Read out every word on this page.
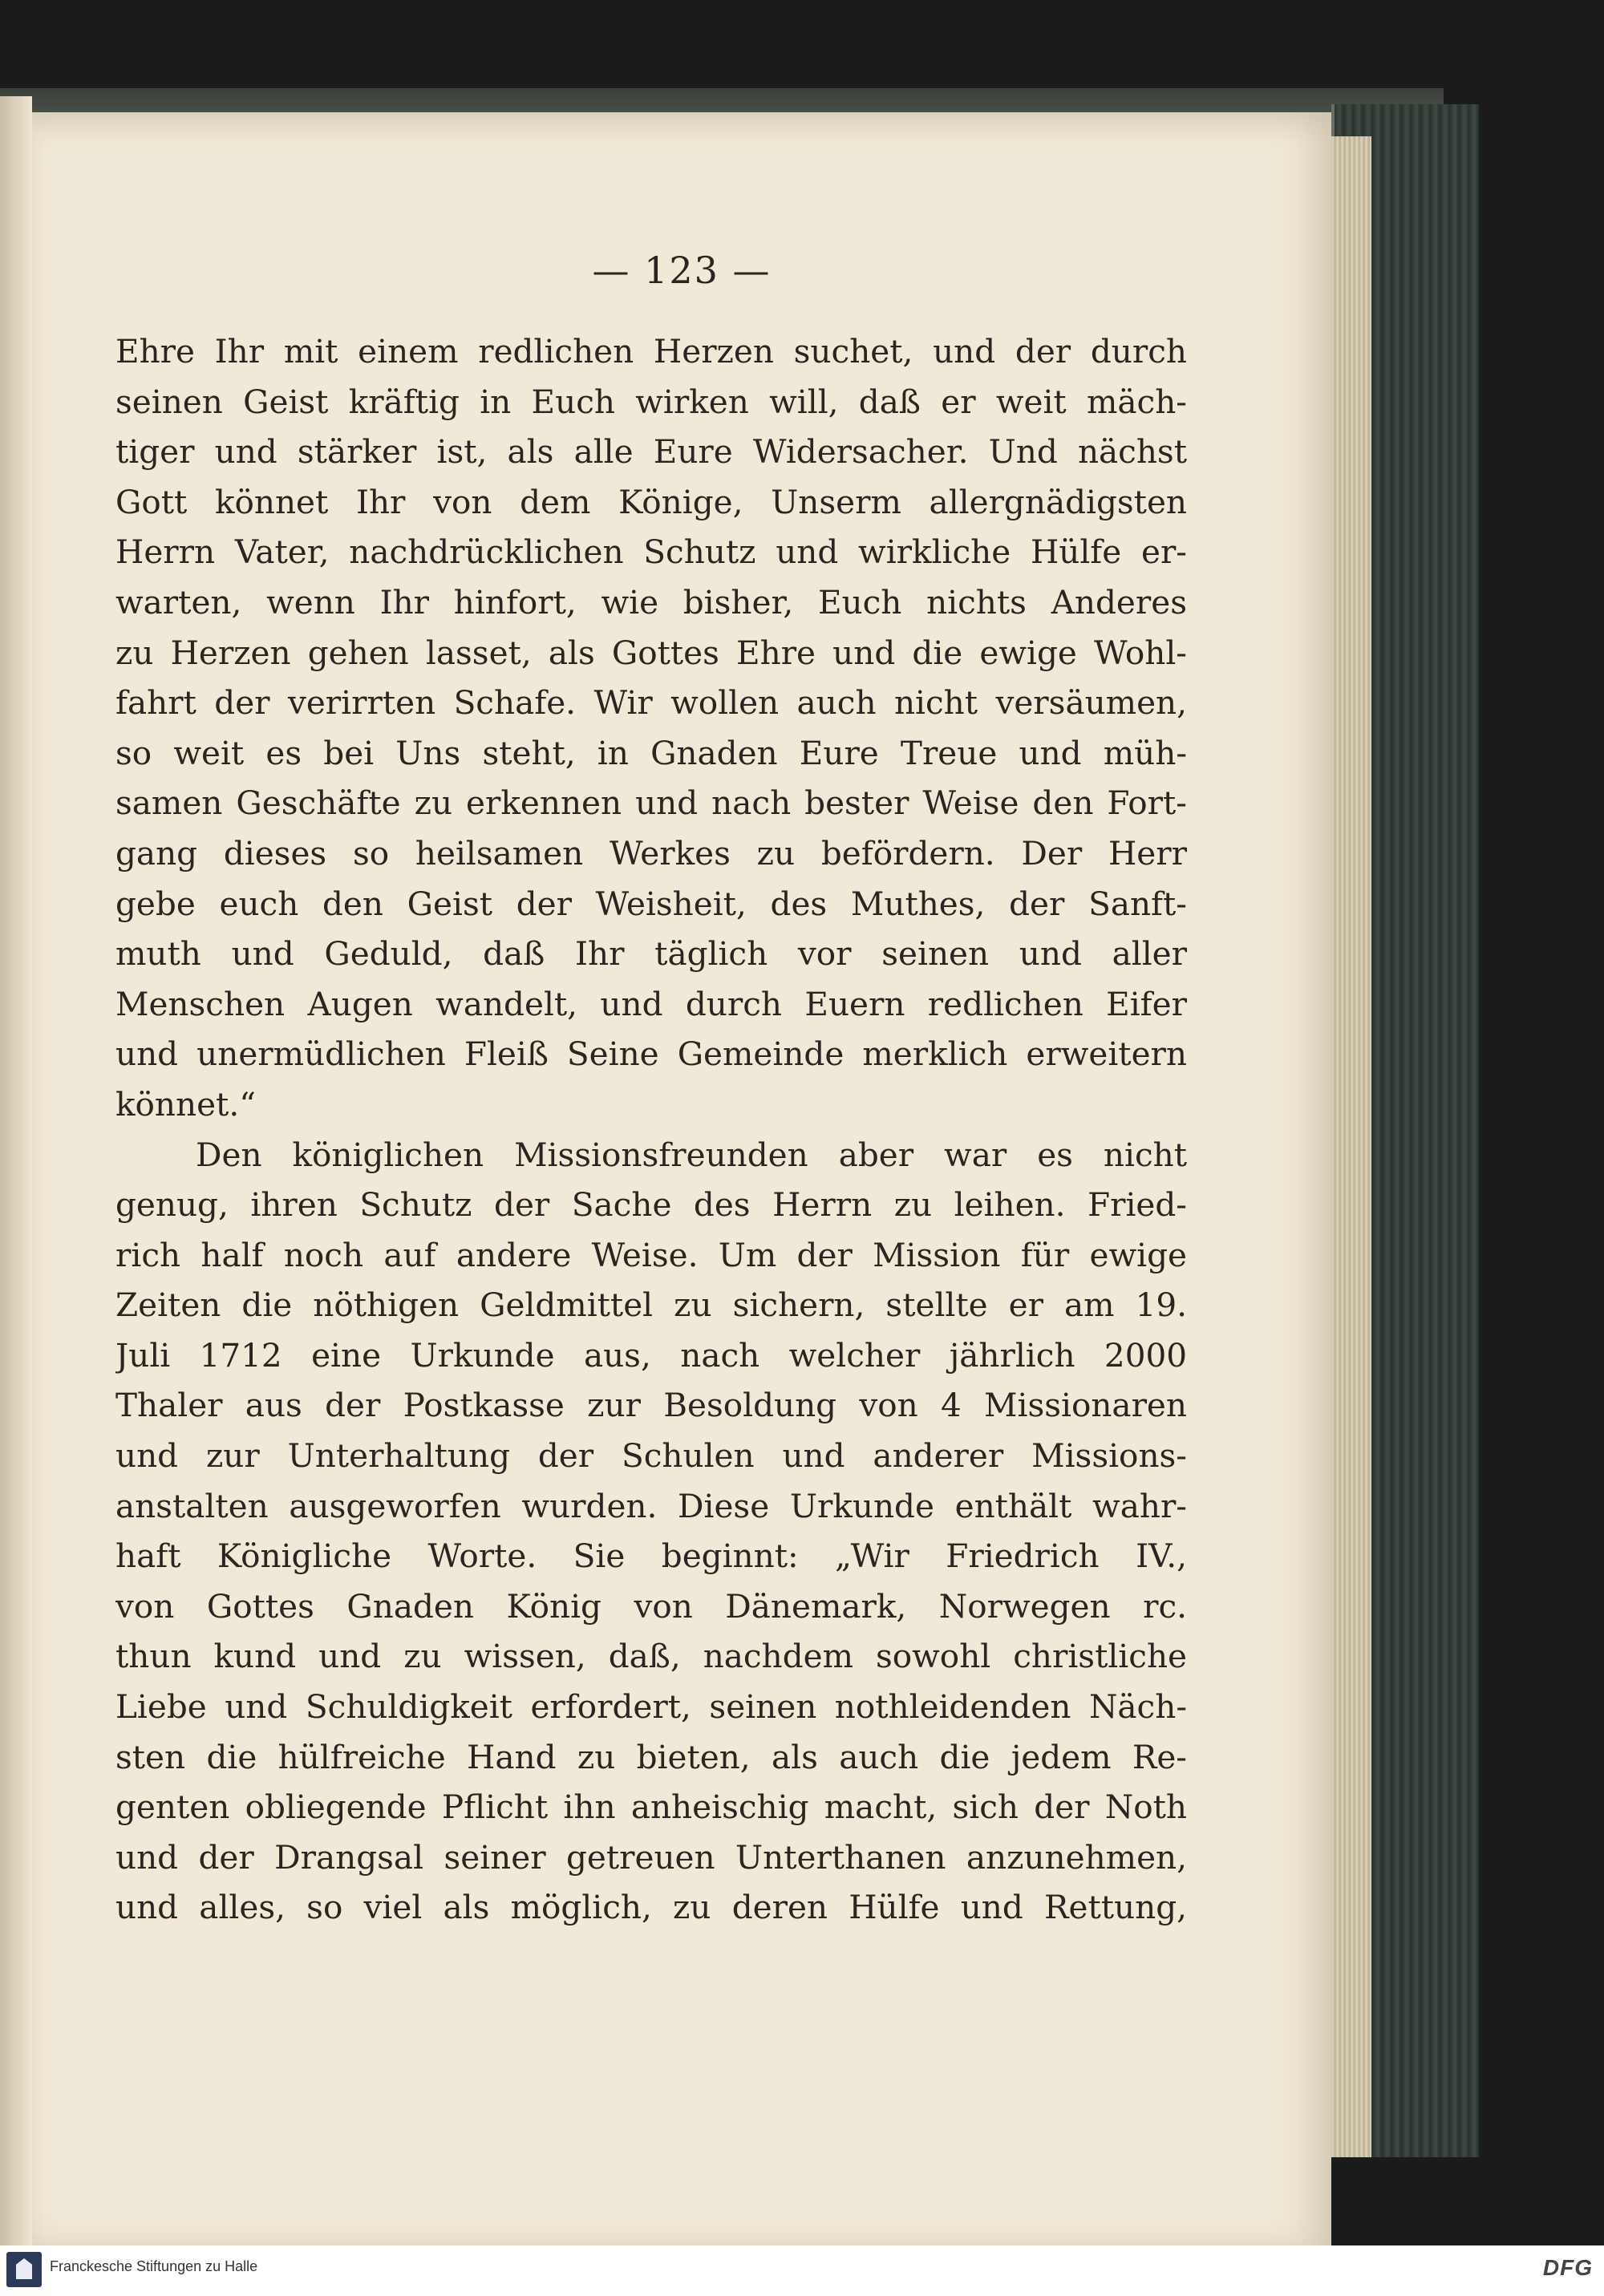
— 123 —
Ehre Ihr mit einem redlichen Herzen suchet, und der durch
seinen Geist kräftig in Euch wirken will, daß er weit mäch-
tiger und stärker ist, als alle Eure Widersacher. Und nächst
Gott könnet Ihr von dem Könige, Unserm allergnädigsten
Herrn Vater, nachdrücklichen Schutz und wirkliche Hülfe er-
warten, wenn Ihr hinfort, wie bisher, Euch nichts Anderes
zu Herzen gehen lasset, als Gottes Ehre und die ewige Wohl-
fahrt der verirrten Schafe. Wir wollen auch nicht versäumen,
so weit es bei Uns steht, in Gnaden Eure Treue und müh-
samen Geschäfte zu erkennen und nach bester Weise den Fort-
gang dieses so heilsamen Werkes zu befördern. Der Herr
gebe euch den Geist der Weisheit, des Muthes, der Sanft-
muth und Geduld, daß Ihr täglich vor seinen und aller
Menschen Augen wandelt, und durch Euern redlichen Eifer
und unermüdlichen Fleiß Seine Gemeinde merklich erweitern
könnet.“
Den königlichen Missionsfreunden aber war es nicht
genug, ihren Schutz der Sache des Herrn zu leihen. Fried-
rich half noch auf andere Weise. Um der Mission für ewige
Zeiten die nöthigen Geldmittel zu sichern, stellte er am 19.
Juli 1712 eine Urkunde aus, nach welcher jährlich 2000
Thaler aus der Postkasse zur Besoldung von 4 Missionaren
und zur Unterhaltung der Schulen und anderer Missions-
anstalten ausgeworfen wurden. Diese Urkunde enthält wahr-
haft Königliche Worte. Sie beginnt: „Wir Friedrich IV.,
von Gottes Gnaden König von Dänemark, Norwegen rc.
thun kund und zu wissen, daß, nachdem sowohl christliche
Liebe und Schuldigkeit erfordert, seinen nothleidenden Näch-
sten die hülfreiche Hand zu bieten, als auch die jedem Re-
genten obliegende Pflicht ihn anheischig macht, sich der Noth
und der Drangsal seiner getreuen Unterthanen anzunehmen,
und alles, so viel als möglich, zu deren Hülfe und Rettung,
Franckesche Stiftungen zu Halle	DFG
